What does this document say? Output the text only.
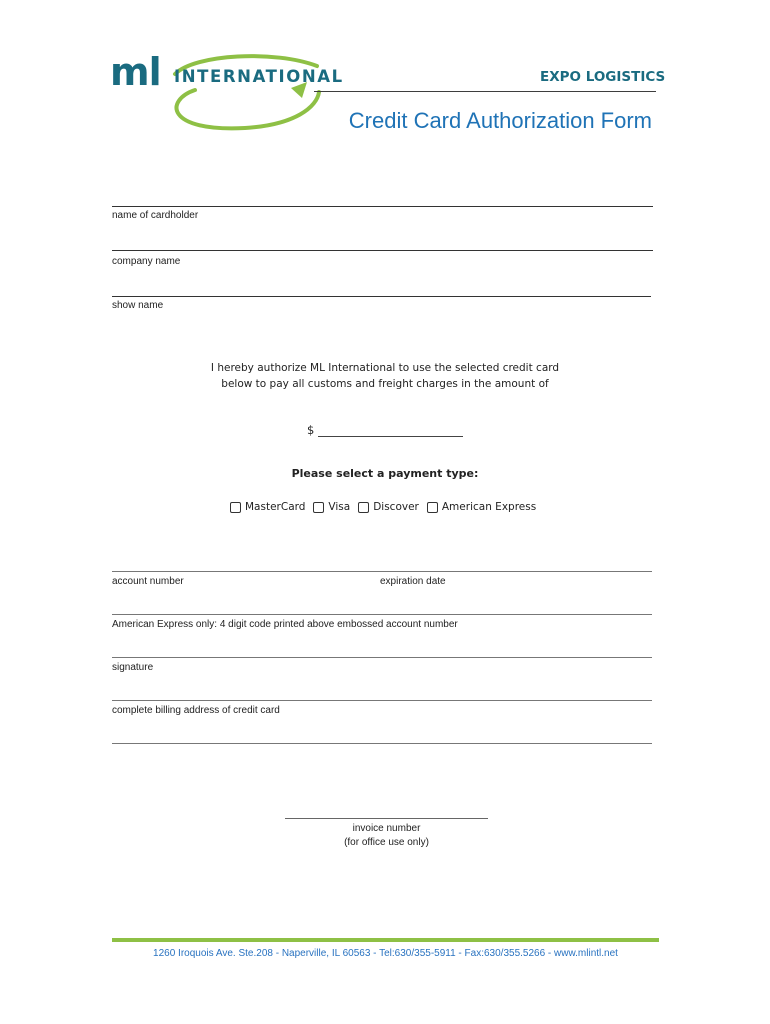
ml INTERNATIONAL	EXPO LOGISTICS
Credit Card Authorization Form
name of cardholder
company name
show name
I hereby authorize ML International to use the selected credit card
below to pay all customs and freight charges in the amount of
$
Please select a payment type:
MasterCard Visa Discover American Express
account number	expiration date
American Express only: 4 digit code printed above embossed account number
signature
complete billing address of credit card
invoice number
(for office use only)
1260 Iroquois Ave. Ste.208 - Naperville, IL 60563 - Tel:630/355-5911 - Fax:630/355.5266 - www.mlintl.net
